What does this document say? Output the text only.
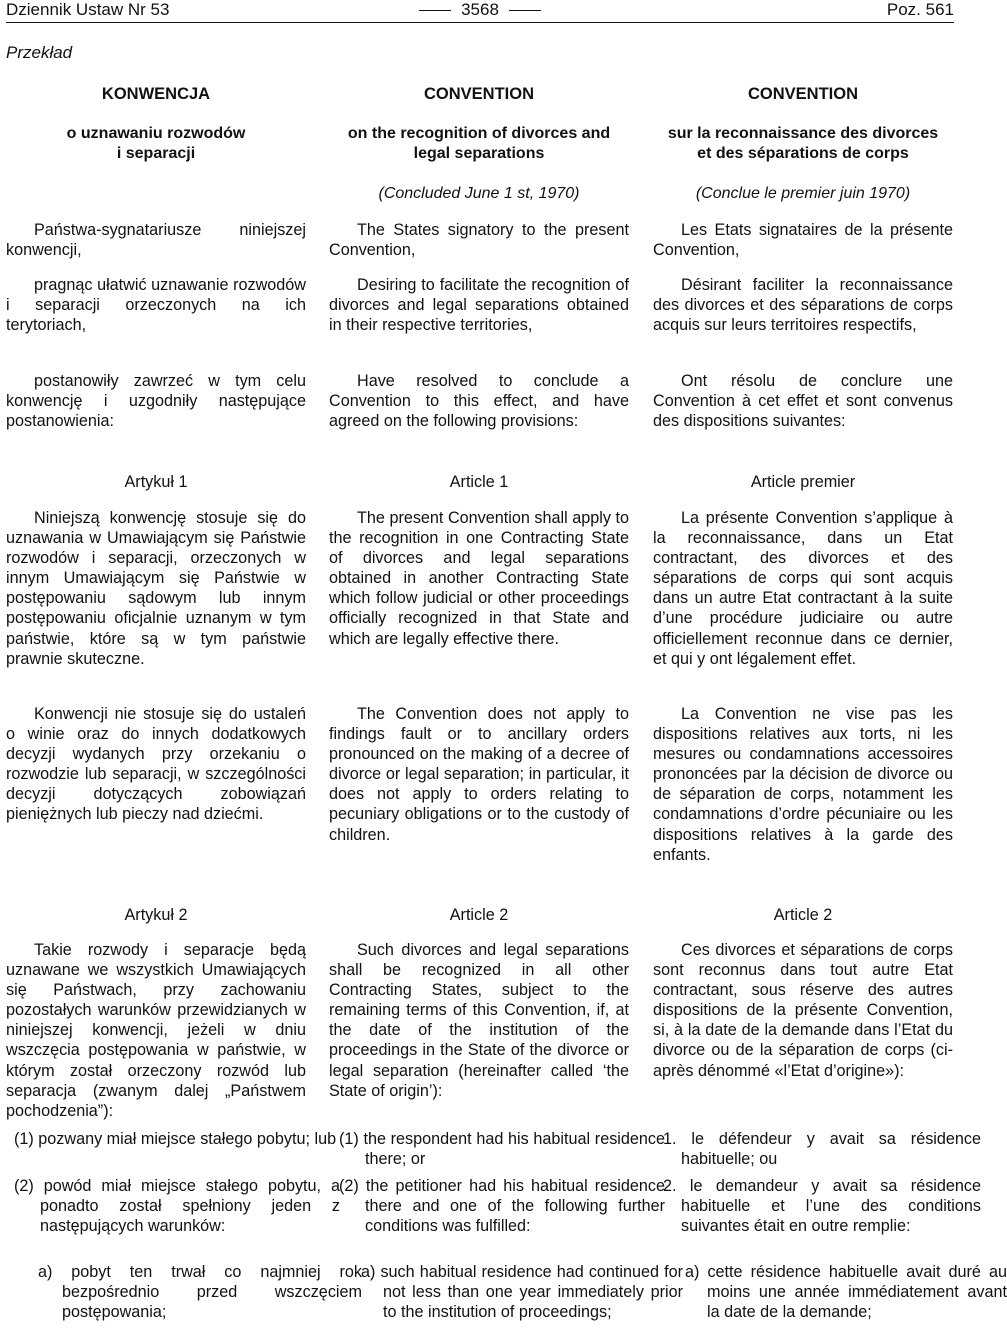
Dziennik Ustaw Nr 53	3568	Poz. 561
Przekład
KONWENCJA
o uznawaniu rozwodów
i separacji

Państwa-sygnatariusze niniejszej konwencji,

pragnąc ułatwić uznawanie rozwodów i separacji orzeczonych na ich terytoriach,

postanowiły zawrzeć w tym celu konwencję i uzgodniły następujące postanowienia:

Artykuł 1

Niniejszą konwencję stosuje się do uznawania w Umawiającym się Państwie rozwodów i separacji, orzeczonych w innym Umawiającym się Państwie w postępowaniu sądowym lub innym postępowaniu oficjalnie uznanym w tym państwie, które są w tym państwie prawnie skuteczne.

Konwencji nie stosuje się do ustaleń o winie oraz do innych dodatkowych decyzji wydanych przy orzekaniu o rozwodzie lub separacji, w szczególności decyzji dotyczących zobowiązań pieniężnych lub pieczy nad dziećmi.

Artykuł 2

Takie rozwody i separacje będą uznawane we wszystkich Umawiających się Państwach, przy zachowaniu pozostałych warunków przewidzianych w niniejszej konwencji, jeżeli w dniu wszczęcia postępowania w państwie, w którym został orzeczony rozwód lub separacja (zwanym dalej „Państwem pochodzenia”):

(1) pozwany miał miejsce stałego pobytu; lub

(2) powód miał miejsce stałego pobytu, a ponadto został spełniony jeden z następujących warunków:

a) pobyt ten trwał co najmniej rok bezpośrednio przed wszczęciem postępowania;

CONVENTION
on the recognition of divorces and
legal separations
(Concluded June 1 st, 1970)

The States signatory to the present Convention,

Desiring to facilitate the recognition of divorces and legal separations obtained in their respective territories,

Have resolved to conclude a Convention to this effect, and have agreed on the following provisions:

Article 1

The present Convention shall apply to the recognition in one Contracting State of divorces and legal separations obtained in another Contracting State which follow judicial or other proceedings officially recognized in that State and which are legally effective there.

The Convention does not apply to findings fault or to ancillary orders pronounced on the making of a decree of divorce or legal separation; in particular, it does not apply to orders relating to pecuniary obligations or to the custody of children.

Article 2

Such divorces and legal separations shall be recognized in all other Contracting States, subject to the remaining terms of this Convention, if, at the date of the institution of the proceedings in the State of the divorce or legal separation (hereinafter called ‘the State of origin’):

(1) the respondent had his habitual residence there; or

(2) the petitioner had his habitual residence there and one of the following further conditions was fulfilled:

a) such habitual residence had continued for not less than one year immediately prior to the institution of proceedings;

CONVENTION
sur la reconnaissance des divorces
et des séparations de corps
(Conclue le premier juin 1970)

Les Etats signataires de la présente Convention,

Désirant faciliter la reconnaissance des divorces et des séparations de corps acquis sur leurs territoires respectifs,

Ont résolu de conclure une Convention à cet effet et sont convenus des dispositions suivantes:

Article premier

La présente Convention s’applique à la reconnaissance, dans un Etat contractant, des divorces et des séparations de corps qui sont acquis dans un autre Etat contractant à la suite d’une procédure judiciaire ou autre officiellement reconnue dans ce dernier, et qui y ont légalement effet.

La Convention ne vise pas les dispositions relatives aux torts, ni les mesures ou condamnations accessoires prononcées par la décision de divorce ou de séparation de corps, notamment les condamnations d’ordre pécuniaire ou les dispositions relatives à la garde des enfants.

Article 2

Ces divorces et séparations de corps sont reconnus dans tout autre Etat contractant, sous réserve des autres dispositions de la présente Convention, si, à la date de la demande dans l’Etat du divorce ou de la séparation de corps (ci-après dénommé «l’Etat d’origine»):

1. le défendeur y avait sa résidence habituelle; ou

2. le demandeur y avait sa résidence habituelle et l’une des conditions suivantes était en outre remplie:

a) cette résidence habituelle avait duré au moins une année immédiatement avant la date de la demande;
